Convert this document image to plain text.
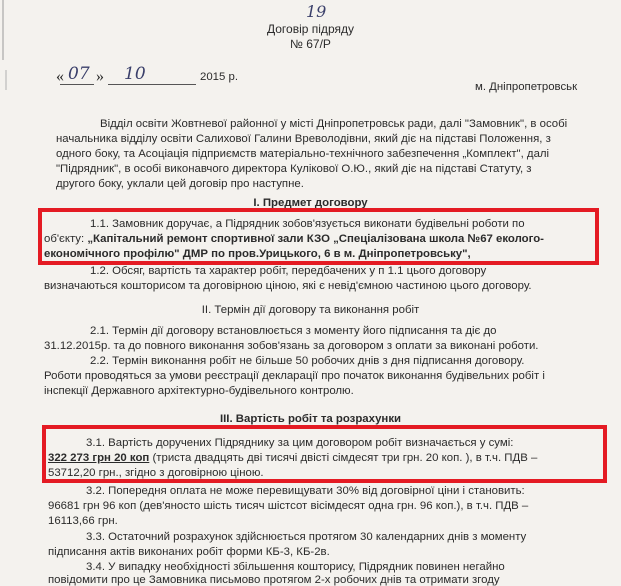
19
Договір підряду
№ 67/Р
« 07 » 10	2015 р.
м. Дніпропетровськ
Відділ освіти Жовтневої районної у місті Дніпропетровськ ради, далі "Замовник", в особі
начальника відділу освіти Салихової Галини Вреволодівни, який діє на підставі Положення, з
одного боку, та Асоціація підприємств матеріально-технічного забезпечення „Комплект", далі
"Підрядник", в особі виконавчого директора Кулікової О.Ю., який діє на підставі Статуту, з
другого боку, уклали цей договір про наступне.
І. Предмет договору
1.1. Замовник доручає, а Підрядник зобов'язується виконати будівельні роботи по
об'єкту: „Капітальний ремонт спортивної зали КЗО „Спеціалізована школа №67 еколого-
економічного профілю" ДМР по пров.Урицького, 6 в м. Дніпропетровську",
1.2. Обсяг, вартість та характер робіт, передбачених у п 1.1 цього договору
визначаються кошторисом та договірною ціною, які є невід'ємною частиною цього договору.
ІІ. Термін дії договору та виконання робіт
2.1. Термін дії договору встановлюється з моменту його підписання та діє до
31.12.2015р. та до повного виконання зобов'язань за договором з оплати за виконані роботи.
2.2. Термін виконання робіт не більше 50 робочих днів з дня підписання договору.
Роботи проводяться за умови реєстрації декларації про початок виконання будівельних робіт і
інспекції Державного архітектурно-будівельного контролю.
ІІІ. Вартість робіт та розрахунки
3.1. Вартість доручених Підряднику за цим договором робіт визначається у сумі:
322 273 грн 20 коп (триста двадцять дві тисячі двісті сімдесят три грн. 20 коп. ), в т.ч. ПДВ –
53712,20 грн., згідно з договірною ціною.
3.2. Попередня оплата не може перевищувати 30% від договірної ціни і становить:
96681 грн 96 коп (дев'яносто шість тисяч шістсот вісімдесят одна грн. 96 коп.), в т.ч. ПДВ –
16113,66 грн.
3.3. Остаточний розрахунок здійснюється протягом 30 календарних днів з моменту
підписання актів виконаних робіт форми КБ-3, КБ-2в.
3.4. У випадку необхідності збільшення кошторису, Підрядник повинен негайно
повідомити про це Замовника письмово протягом 2-х робочих днів та отримати згоду
